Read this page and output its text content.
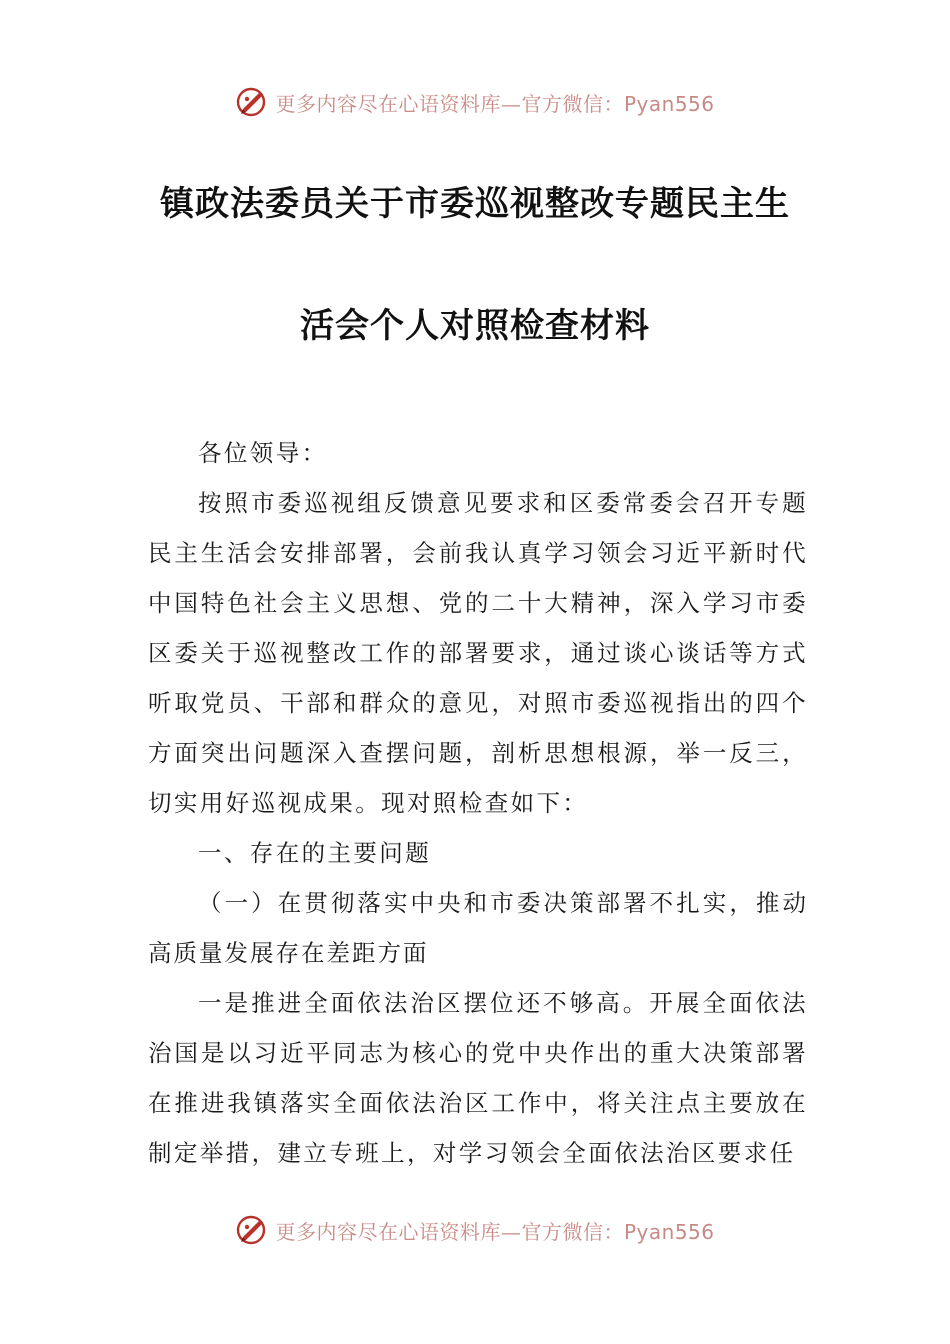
更多内容尽在心语资料库—官方微信：Pyan556
镇政法委员关于市委巡视整改专题民主生
活会个人对照检查材料

各位领导：

按照市委巡视组反馈意见要求和区委常委会召开专题民主生活会安排部署，会前我认真学习领会习近平新时代中国特色社会主义思想、党的二十大精神，深入学习市委区委关于巡视整改工作的部署要求，通过谈心谈话等方式听取党员、干部和群众的意见，对照市委巡视指出的四个方面突出问题深入查摆问题，剖析思想根源，举一反三，切实用好巡视成果。现对照检查如下：

一、存在的主要问题

（一）在贯彻落实中央和市委决策部署不扎实，推动高质量发展存在差距方面

一是推进全面依法治区摆位还不够高。开展全面依法治国是以习近平同志为核心的党中央作出的重大决策部署在推进我镇落实全面依法治区工作中，将关注点主要放在制定举措，建立专班上，对学习领会全面依法治区要求任

更多内容尽在心语资料库—官方微信：Pyan556
